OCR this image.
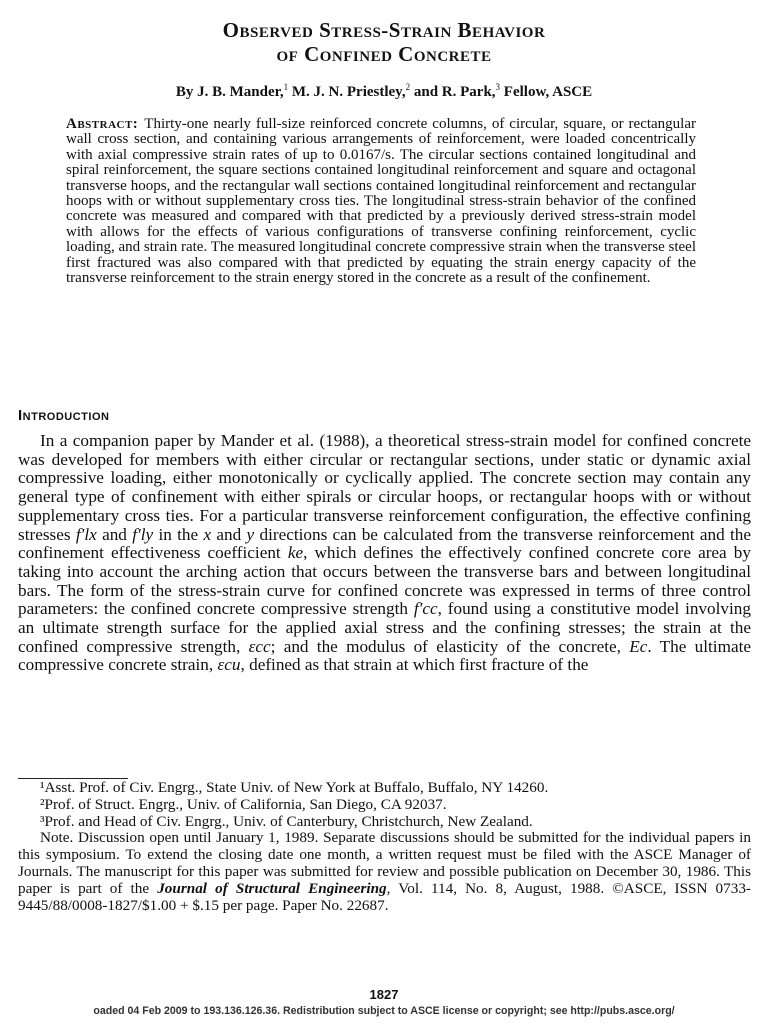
Observed Stress-Strain Behavior
of Confined Concrete
By J. B. Mander,$^1$ M. J. N. Priestley,$^2$ and R. Park,$^3$ Fellow, ASCE
Abstract: Thirty-one nearly full-size reinforced concrete columns, of circular, square, or rectangular wall cross section, and containing various arrangements of reinforcement, were loaded concentrically with axial compressive strain rates of up to 0.0167/s. The circular sections contained longitudinal and spiral reinforcement, the square sections contained longitudinal reinforcement and square and octagonal transverse hoops, and the rectangular wall sections contained longitudinal reinforcement and rectangular hoops with or without supplementary cross ties. The longitudinal stress-strain behavior of the confined concrete was measured and compared with that predicted by a previously derived stress-strain model with allows for the effects of various configurations of transverse confining reinforcement, cyclic loading, and strain rate. The measured longitudinal concrete compressive strain when the transverse steel first fractured was also compared with that predicted by equating the strain energy capacity of the transverse reinforcement to the strain energy stored in the concrete as a result of the confinement.
Introduction

In a companion paper by Mander et al. (1988), a theoretical stress-strain model for confined concrete was developed for members with either circular or rectangular sections, under static or dynamic axial compressive loading, either monotonically or cyclically applied. The concrete section may contain any general type of confinement with either spirals or circular hoops, or rectangular hoops with or without supplementary cross ties. For a particular transverse reinforcement configuration, the effective confining stresses f′lx and f′ly in the x and y directions can be calculated from the transverse reinforcement and the confinement effectiveness coefficient ke, which defines the effectively confined concrete core area by taking into account the arching action that occurs between the transverse bars and between longitudinal bars. The form of the stress-strain curve for confined concrete was expressed in terms of three control parameters: the confined concrete compressive strength f′cc, found using a constitutive model involving an ultimate strength surface for the applied axial stress and the confining stresses; the strain at the confined compressive strength, εcc; and the modulus of elasticity of the concrete, Ec. The ultimate compressive concrete strain, εcu, defined as that strain at which first fracture of the

¹Asst. Prof. of Civ. Engrg., State Univ. of New York at Buffalo, Buffalo, NY 14260.

²Prof. of Struct. Engrg., Univ. of California, San Diego, CA 92037.

³Prof. and Head of Civ. Engrg., Univ. of Canterbury, Christchurch, New Zealand.

Note. Discussion open until January 1, 1989. Separate discussions should be submitted for the individual papers in this symposium. To extend the closing date one month, a written request must be filed with the ASCE Manager of Journals. The manuscript for this paper was submitted for review and possible publication on December 30, 1986. This paper is part of the Journal of Structural Engineering, Vol. 114, No. 8, August, 1988. ©ASCE, ISSN 0733-9445/88/0008-1827/$1.00 + $.15 per page. Paper No. 22687.

1827
oaded 04 Feb 2009 to 193.136.126.36. Redistribution subject to ASCE license or copyright; see http://pubs.asce.org/
